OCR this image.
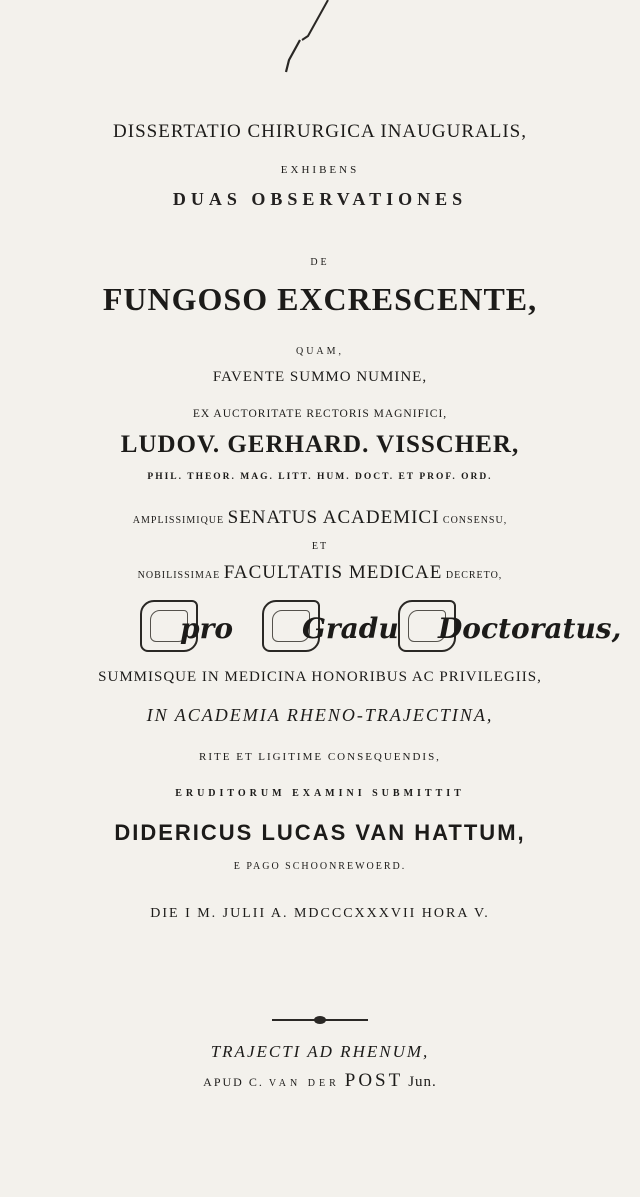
DISSERTATIO CHIRURGICA INAUGURALIS,
EXHIBENS
DUAS OBSERVATIONES
DE
FUNGOSO EXCRESCENTE,
QUAM,
FAVENTE SUMMO NUMINE,
EX AUCTORITATE RECTORIS MAGNIFICI,
LUDOV. GERHARD. VISSCHER,
PHIL. THEOR. MAG. LITT. HUM. DOCT. ET PROF. ORD.
AMPLISSIMIQUE SENATUS ACADEMICI CONSENSU,
ET
NOBILISSIMAE FACULTATIS MEDICAE DECRETO,
pro Gradu Doctoratus,
SUMMISQUE IN MEDICINA HONORIBUS AC PRIVILEGIIS,
IN ACADEMIA RHENO-TRAJECTINA,
RITE ET LIGITIME CONSEQUENDIS,
ERUDITORUM EXAMINI SUBMITTIT
DIDERICUS LUCAS VAN HATTUM,
E PAGO SCHOONREWOERD.
DIE I M. JULII A. MDCCCXXXVII HORA V.
TRAJECTI AD RHENUM,
APUD C. VAN DER POST Jun.
